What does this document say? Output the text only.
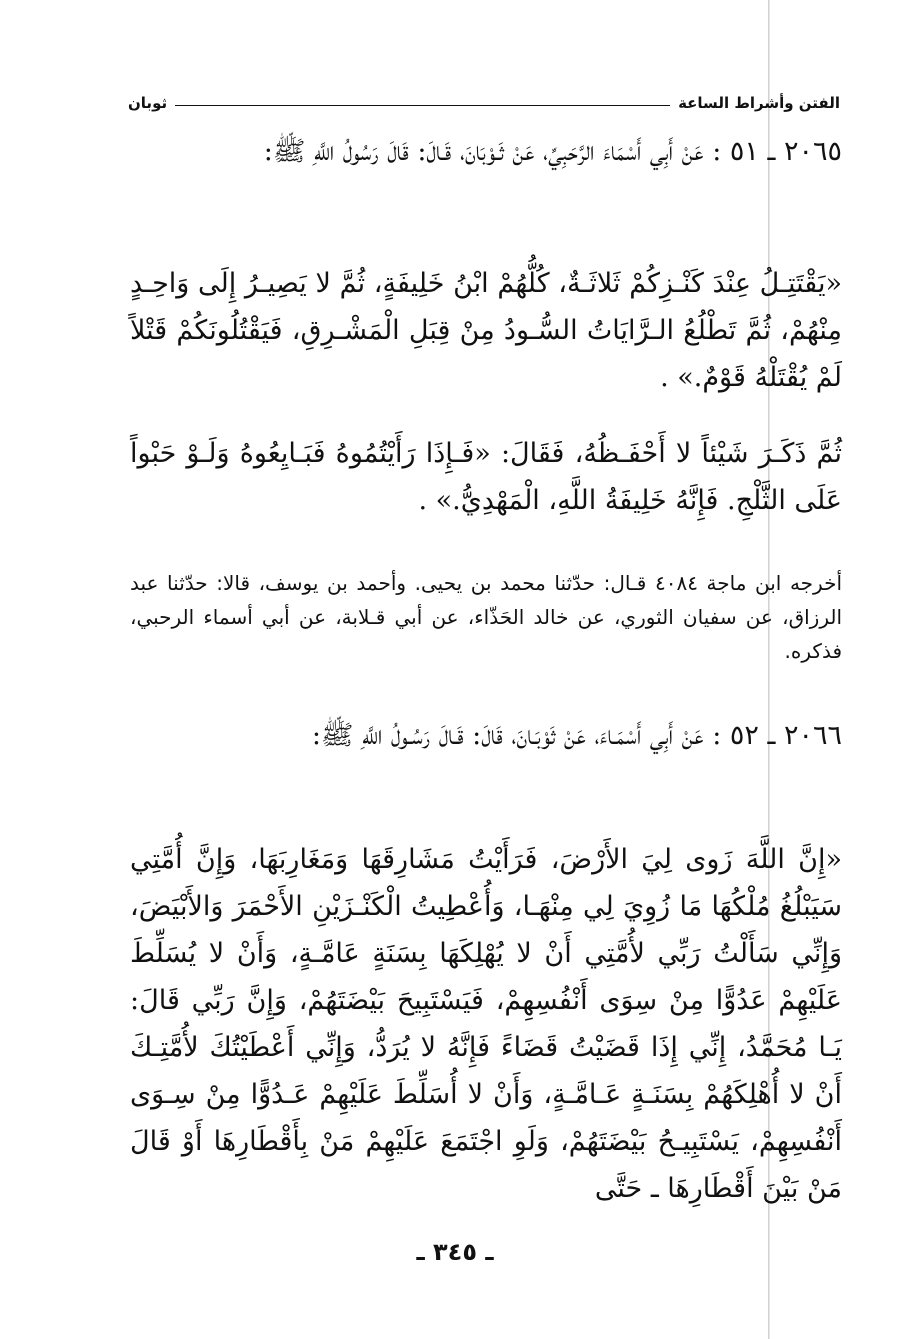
الفتن وأشراط الساعة
ثوبان

٢٠٦٥ ـ ٥١ : عَنْ أَبِي أَسْمَاءَ الرَّحَبِيِّ، عَنْ ثَـوْبَانَ، قَـالَ: قَالَ رَسُولُ اللَّهِ ﷺ:

«يَقْتَتِـلُ عِنْدَ كَنْـزِكُمْ ثَلاثَـةٌ، كُلُّهُمْ ابْنُ خَلِيفَةٍ، ثُمَّ لا يَصِيـرُ إِلَى وَاحِـدٍ مِنْهُمْ، ثُمَّ تَطْلُعُ الـرَّايَاتُ السُّـودُ مِنْ قِبَلِ الْمَشْـرِقِ، فَيَقْتُلُونَكُمْ قَتْلاً لَمْ يُقْتَلْهُ قَوْمٌ.» .

ثُمَّ ذَكَـرَ شَيْئاً لا أَحْفَـظُهُ، فَقَالَ: «فَـإِذَا رَأَيْتُمُوهُ فَبَـايِعُوهُ وَلَـوْ حَبْواً عَلَى الثَّلْجِ. فَإِنَّهُ خَلِيفَةُ اللَّهِ، الْمَهْدِيُّ.» .

أخرجه ابن ماجة ٤٠٨٤ قـال: حدّثنا محمد بن يحيى. وأحمد بن يوسف، قالا: حدّثنا عبد الرزاق، عن سفيان الثوري، عن خالد الحَذّاء، عن أبي قـلابة، عن أبي أسماء الرحبي، فذكره.

٢٠٦٦ ـ ٥٢ : عَنْ أَبِي أَسْمَـاءَ، عَنْ ثَوْبَـانَ، قَالَ: قَـالَ رَسُـولُ اللَّهِ ﷺ:

«إِنَّ اللَّهَ زَوى لِيَ الأَرْضَ، فَرَأَيْتُ مَشَارِقَهَا وَمَغَارِبَهَا، وَإِنَّ أُمَّتِي سَيَبْلُغُ مُلْكُهَا مَا زُوِيَ لِي مِنْهَـا، وَأُعْطِيتُ الْكَنْـزَيْنِ الأَحْمَرَ وَالأَبْيَضَ، وَإِنِّي سَأَلْتُ رَبِّي لأُمَّتِي أَنْ لا يُهْلِكَهَا بِسَنَةٍ عَامَّـةٍ، وَأَنْ لا يُسَلِّطَ عَلَيْهِمْ عَدُوًّا مِنْ سِوَى أَنْفُسِهِمْ، فَيَسْتَبِيحَ بَيْضَتَهُمْ، وَإِنَّ رَبِّي قَالَ: يَـا مُحَمَّدُ، إِنِّي إِذَا قَضَيْتُ قَضَاءً فَإِنَّهُ لا يُرَدُّ، وَإِنِّي أَعْطَيْتُكَ لأُمَّتِـكَ أَنْ لا أُهْلِكَهُمْ بِسَنَـةٍ عَـامَّـةٍ، وَأَنْ لا أُسَلِّطَ عَلَيْهِمْ عَـدُوًّا مِنْ سِـوَى أَنْفُسِهِمْ، يَسْتَبِيـحُ بَيْضَتَهُمْ، وَلَوِ اجْتَمَعَ عَلَيْهِمْ مَنْ بِأَقْطَارِهَا أَوْ قَالَ مَنْ بَيْنَ أَقْطَارِهَا ـ حَتَّى

ـ ٣٤٥ ـ
